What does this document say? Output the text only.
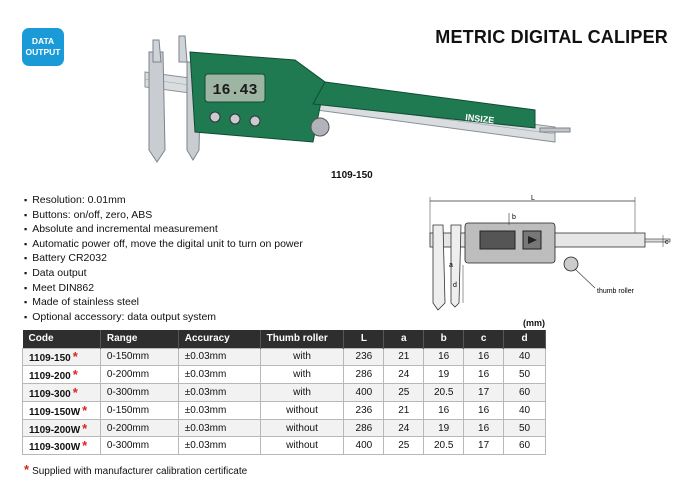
DATA
OUTPUT
METRIC DIGITAL CALIPER
16.43
INSIZE
1109-150
▪ Resolution: 0.01mm
▪ Buttons: on/off, zero, ABS
▪ Absolute and incremental measurement
▪ Automatic power off, move the digital unit to turn on power
▪ Battery CR2032
▪ Data output
▪ Meet DIN862
▪ Made of stainless steel
▪ Optional accessory: data output system
L
b
a
c
d
thumb roller
(mm)
Code	Range	Accuracy	Thumb roller	L	a	b	c	d
1109-150 *	0-150mm	±0.03mm	with	236	21	16	16	40
1109-200 *	0-200mm	±0.03mm	with	286	24	19	16	50
1109-300 *	0-300mm	±0.03mm	with	400	25	20.5	17	60
1109-150W *	0-150mm	±0.03mm	without	236	21	16	16	40
1109-200W *	0-200mm	±0.03mm	without	286	24	19	16	50
1109-300W *	0-300mm	±0.03mm	without	400	25	20.5	17	60
* Supplied with manufacturer calibration certificate
